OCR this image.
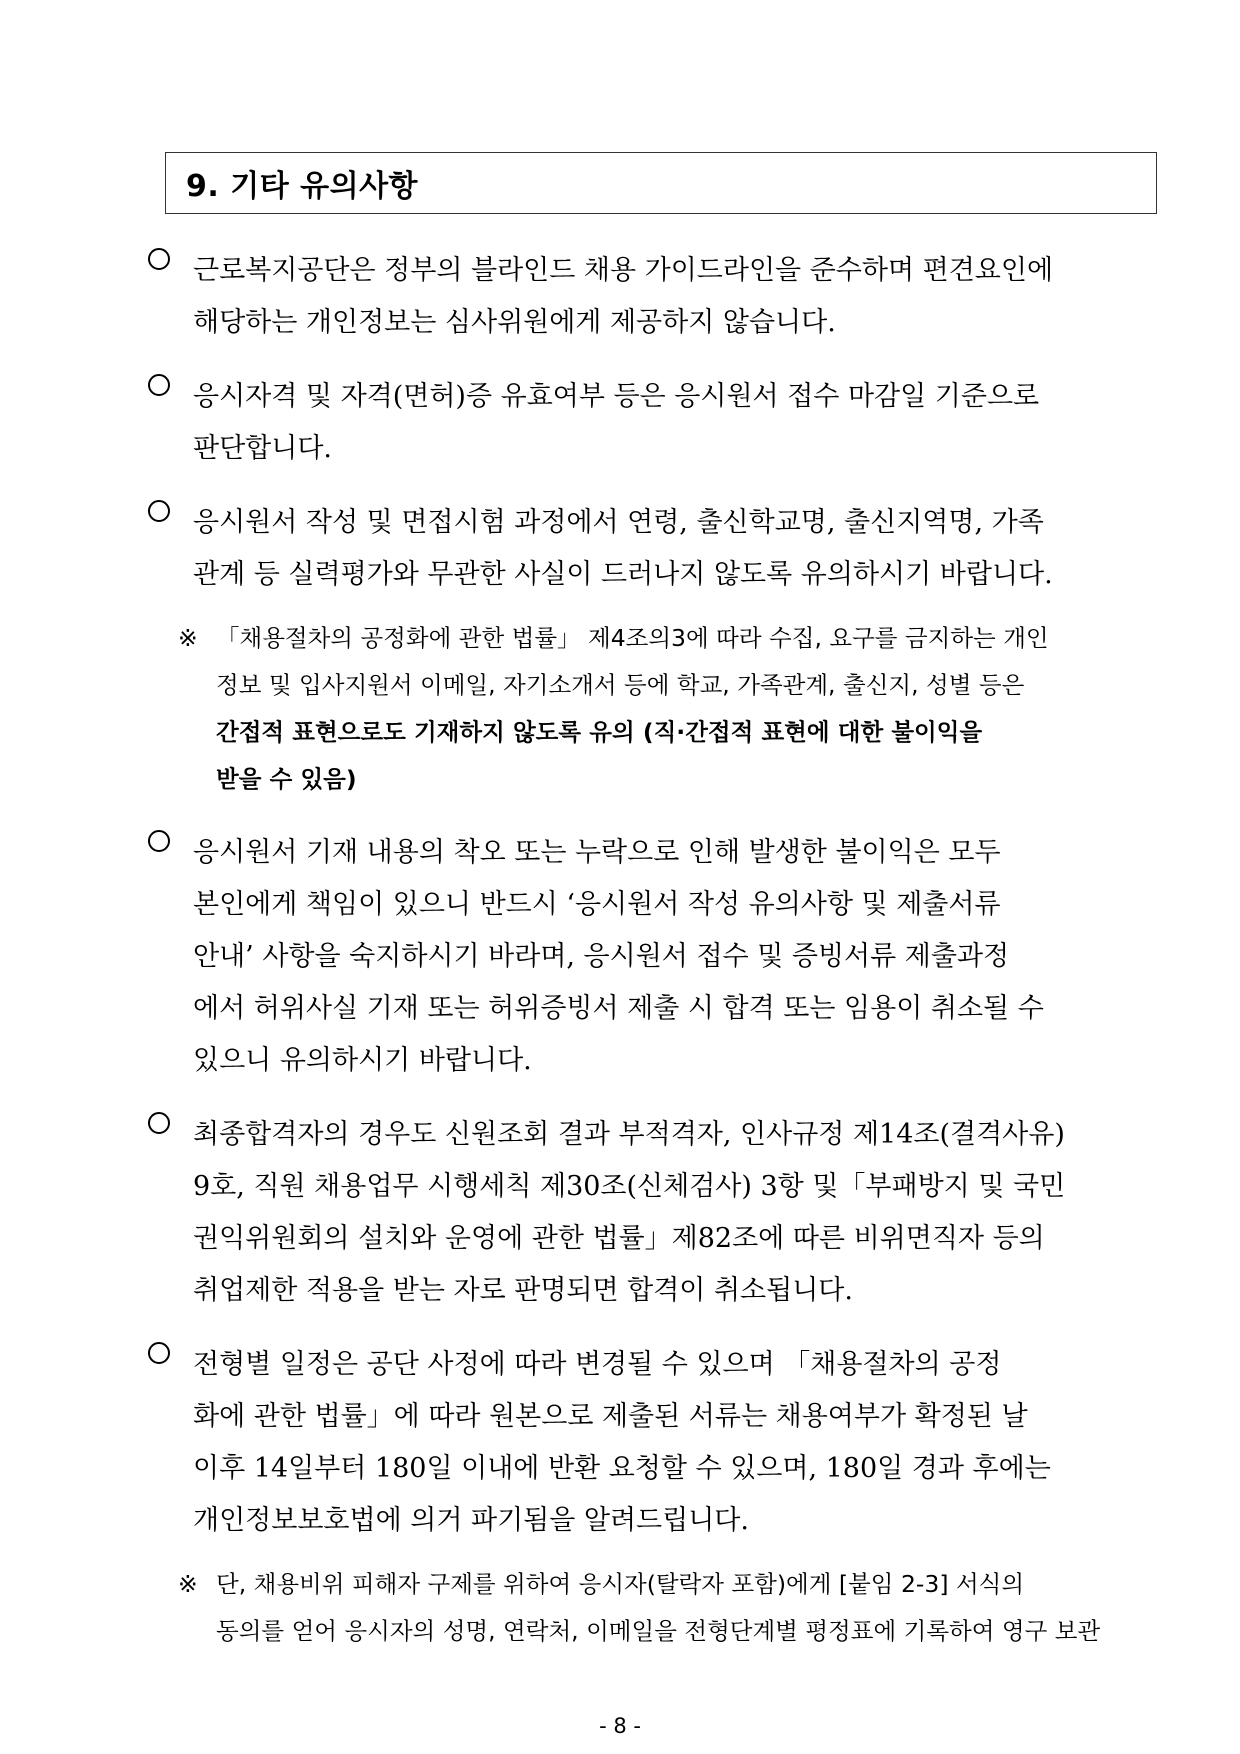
9. 기타 유의사항
근로복지공단은 정부의 블라인드 채용 가이드라인을 준수하며 편견요인에
해당하는 개인정보는 심사위원에게 제공하지 않습니다.
응시자격 및 자격(면허)증 유효여부 등은 응시원서 접수 마감일 기준으로
판단합니다.
응시원서 작성 및 면접시험 과정에서 연령, 출신학교명, 출신지역명, 가족
관계 등 실력평가와 무관한 사실이 드러나지 않도록 유의하시기 바랍니다.
※ 「채용절차의 공정화에 관한 법률」 제4조의3에 따라 수집, 요구를 금지하는 개인
정보 및 입사지원서 이메일, 자기소개서 등에 학교, 가족관계, 출신지, 성별 등은
간접적 표현으로도 기재하지 않도록 유의 (직·간접적 표현에 대한 불이익을
받을 수 있음)
응시원서 기재 내용의 착오 또는 누락으로 인해 발생한 불이익은 모두
본인에게 책임이 있으니 반드시 ‘응시원서 작성 유의사항 및 제출서류
안내’ 사항을 숙지하시기 바라며, 응시원서 접수 및 증빙서류 제출과정
에서 허위사실 기재 또는 허위증빙서 제출 시 합격 또는 임용이 취소될 수
있으니 유의하시기 바랍니다.
최종합격자의 경우도 신원조회 결과 부적격자, 인사규정 제14조(결격사유)
9호, 직원 채용업무 시행세칙 제30조(신체검사) 3항 및「부패방지 및 국민
권익위원회의 설치와 운영에 관한 법률」제82조에 따른 비위면직자 등의
취업제한 적용을 받는 자로 판명되면 합격이 취소됩니다.
전형별 일정은 공단 사정에 따라 변경될 수 있으며 「채용절차의 공정
화에 관한 법률」에 따라 원본으로 제출된 서류는 채용여부가 확정된 날
이후 14일부터 180일 이내에 반환 요청할 수 있으며, 180일 경과 후에는
개인정보보호법에 의거 파기됨을 알려드립니다.
※ 단, 채용비위 피해자 구제를 위하여 응시자(탈락자 포함)에게 [붙임 2-3] 서식의
동의를 얻어 응시자의 성명, 연락처, 이메일을 전형단계별 평정표에 기록하여 영구 보관
- 8 -
